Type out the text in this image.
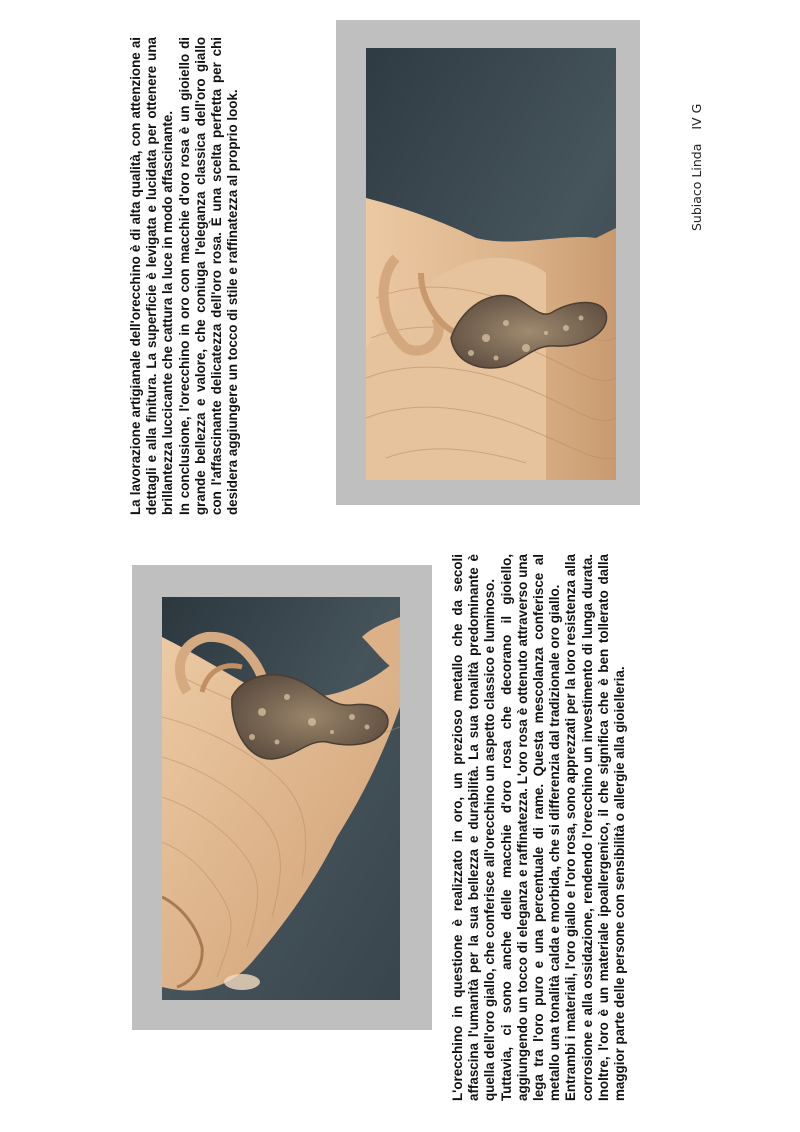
La lavorazione artigianale dell'orecchino è di alta qualità, con attenzione ai dettagli e alla finitura. La superficie è levigata e lucidata per ottenere una brillantezza luccicante che cattura la luce in modo affascinante. In conclusione, l'orecchino in oro con macchie d'oro rosa è un gioiello di grande bellezza e valore, che coniuga l'eleganza classica dell'oro giallo con l'affascinante delicatezza dell'oro rosa. È una scelta perfetta per chi desidera aggiungere un tocco di stile e raffinatezza al proprio look.	Subiaco LindaIV G

L'orecchino in questione è realizzato in oro, un prezioso metallo che da secoli affascina l'umanità per la sua bellezza e durabilità. La sua tonalità predominante è quella dell'oro giallo, che conferisce all'orecchino un aspetto classico e luminoso. Tuttavia, ci sono anche delle macchie d'oro rosa che decorano il gioiello, aggiungendo un tocco di eleganza e raffinatezza. L'oro rosa è ottenuto attraverso una lega tra l'oro puro e una percentuale di rame. Questa mescolanza conferisce al metallo una tonalità calda e morbida, che si differenzia dal tradizionale oro giallo. Entrambi i materiali, l'oro giallo e l'oro rosa, sono apprezzati per la loro resistenza alla corrosione e alla ossidazione, rendendo l'orecchino un investimento di lunga durata. Inoltre, l'oro è un materiale ipoallergenico, il che significa che è ben tollerato dalla maggior parte delle persone con sensibilità o allergie alla gioielleria.
